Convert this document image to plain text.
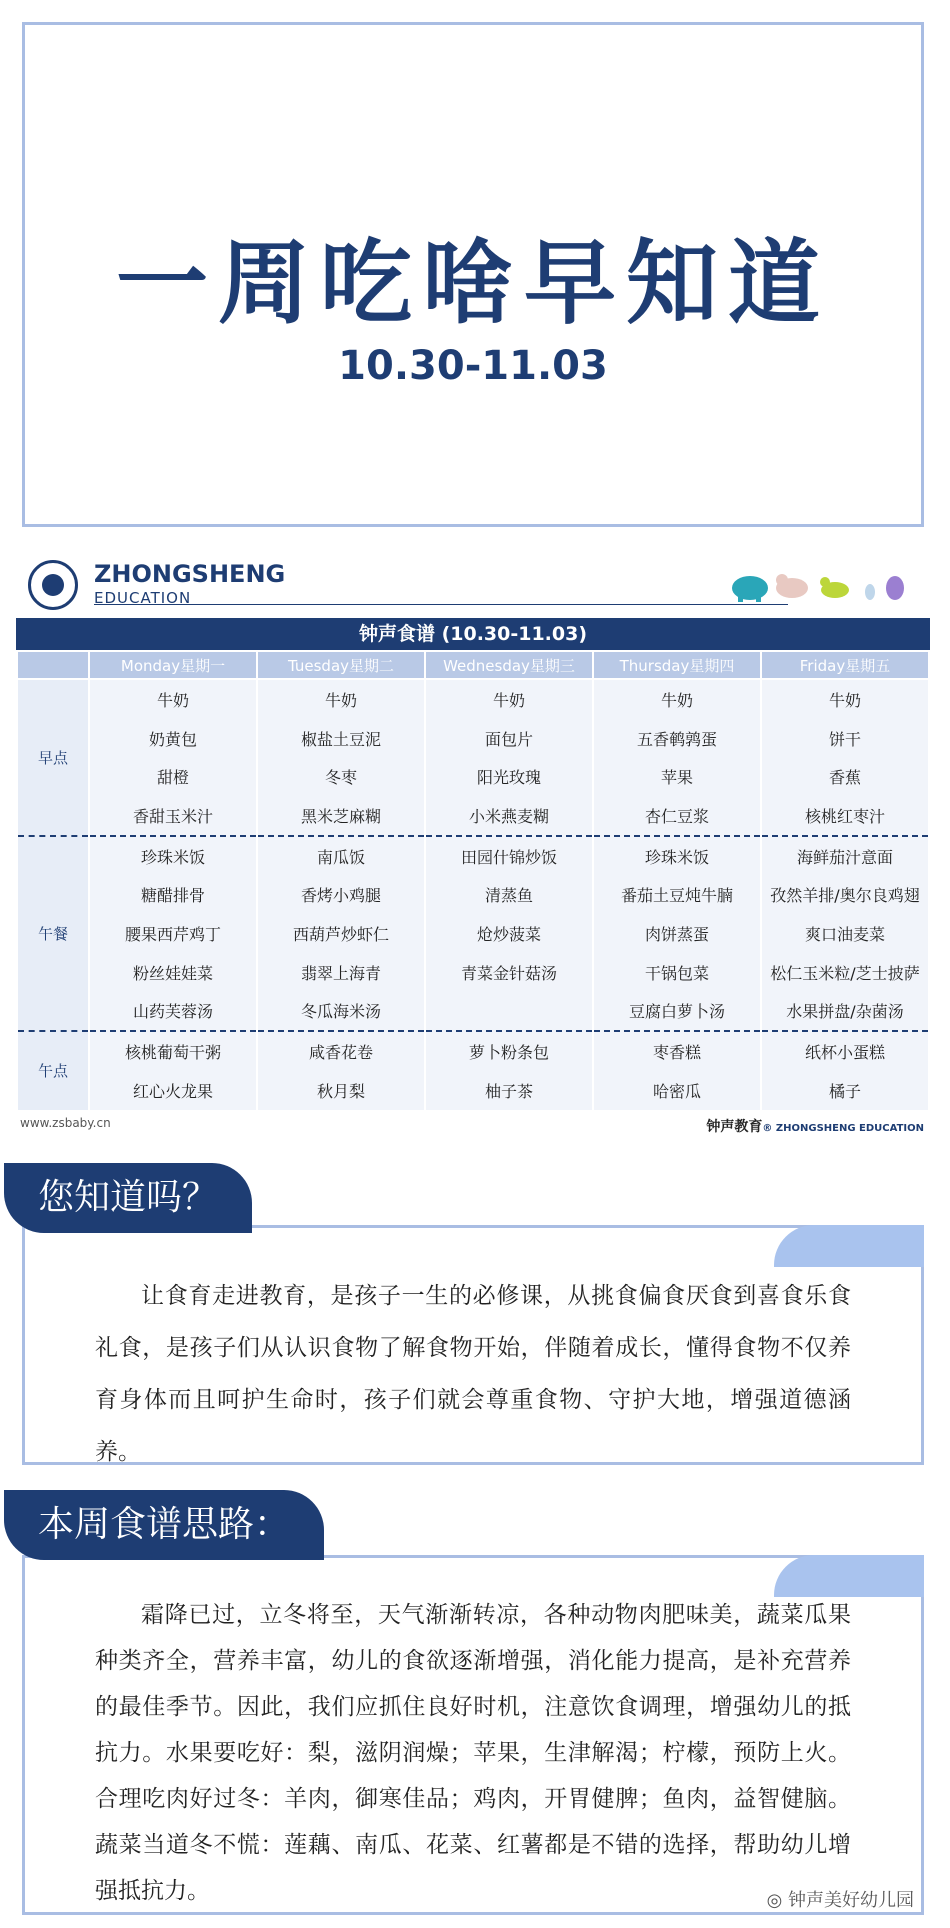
一周吃啥早知道
10.30-11.03
ZHONGSHENG
EDUCATION
钟声食谱 (10.30-11.03)
	Monday星期一	Tuesday星期二	Wednesday星期三	Thursday星期四	Friday星期五
早点	牛奶	牛奶	牛奶	牛奶	牛奶
	奶黄包	椒盐土豆泥	面包片	五香鹌鹑蛋	饼干
	甜橙	冬枣	阳光玫瑰	苹果	香蕉
	香甜玉米汁	黑米芝麻糊	小米燕麦糊	杏仁豆浆	核桃红枣汁
午餐	珍珠米饭	南瓜饭	田园什锦炒饭	珍珠米饭	海鲜茄汁意面
	糖醋排骨	香烤小鸡腿	清蒸鱼	番茄土豆炖牛腩	孜然羊排/奥尔良鸡翅
	腰果西芹鸡丁	西葫芦炒虾仁	炝炒菠菜	肉饼蒸蛋	爽口油麦菜
	粉丝娃娃菜	翡翠上海青	青菜金针菇汤	干锅包菜	松仁玉米粒/芝士披萨
	山药芙蓉汤	冬瓜海米汤		豆腐白萝卜汤	水果拼盘/杂菌汤
午点	核桃葡萄干粥	咸香花卷	萝卜粉条包	枣香糕	纸杯小蛋糕
	红心火龙果	秋月梨	柚子茶	哈密瓜	橘子
www.zsbaby.cn	钟声教育® ZHONGSHENG EDUCATION

让食育走进教育，是孩子一生的必修课，从挑食偏食厌食到喜食乐食礼食，是孩子们从认识食物了解食物开始，伴随着成长，懂得食物不仅养育身体而且呵护生命时，孩子们就会尊重食物、守护大地，增强道德涵养。

您知道吗？

霜降已过，立冬将至，天气渐渐转凉，各种动物肉肥味美，蔬菜瓜果种类齐全，营养丰富，幼儿的食欲逐渐增强，消化能力提高，是补充营养的最佳季节。因此，我们应抓住良好时机，注意饮食调理，增强幼儿的抵抗力。水果要吃好：梨，滋阴润燥；苹果，生津解渴；柠檬，预防上火。合理吃肉好过冬：羊肉，御寒佳品；鸡肉，开胃健脾；鱼肉，益智健脑。蔬菜当道冬不慌：莲藕、南瓜、花菜、红薯都是不错的选择，帮助幼儿增强抵抗力。

本周食谱思路：
◎ 钟声美好幼儿园
